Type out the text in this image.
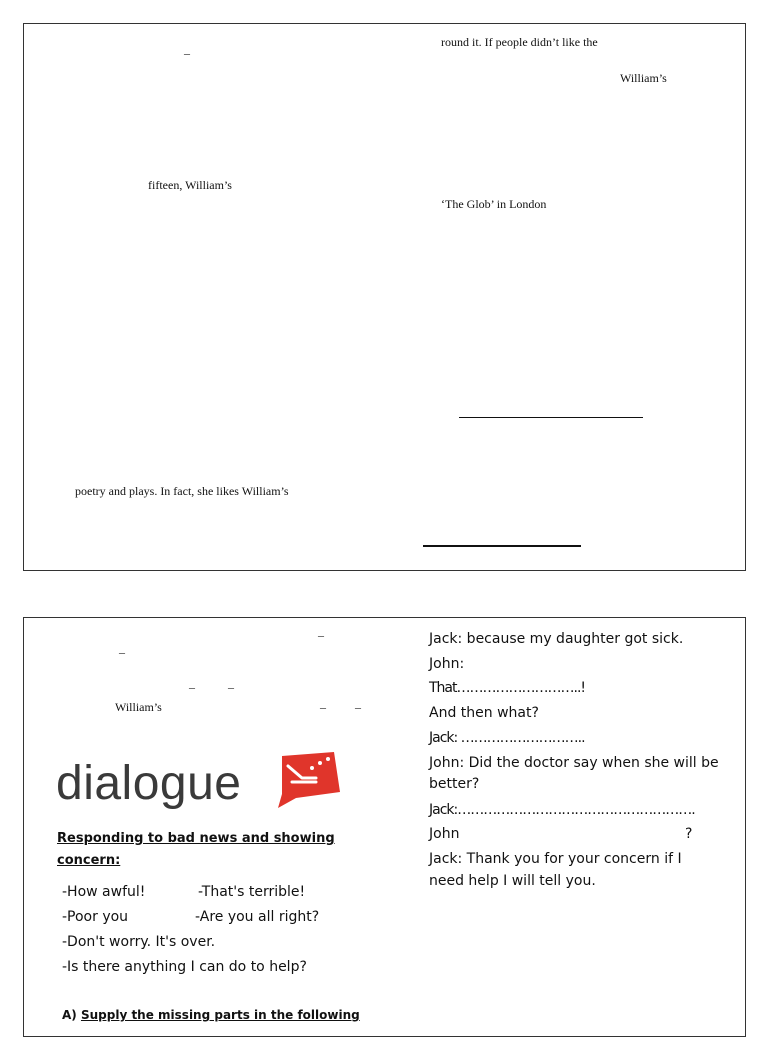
–
round it. If people didn’t like the
William’s
fifteen, William’s
‘The Glob’ in London
poetry and plays. In fact, she likes William’s
–
–
–	–
William’s	– –
dialogue
Responding to bad news and showing concern:
-How awful!	-That's terrible!
-Poor you	-Are you all right?
-Don't worry. It's over.
-Is there anything I can do to help?
A) Supply the missing parts in the following
Jack: because my daughter got sick.
John:
That………………………..!
And then what?
Jack: ………………………..
John: Did the doctor say when she will be
better?
Jack:……………………………………………….
John	?
Jack: Thank you for your concern if I
need help I will tell you.
